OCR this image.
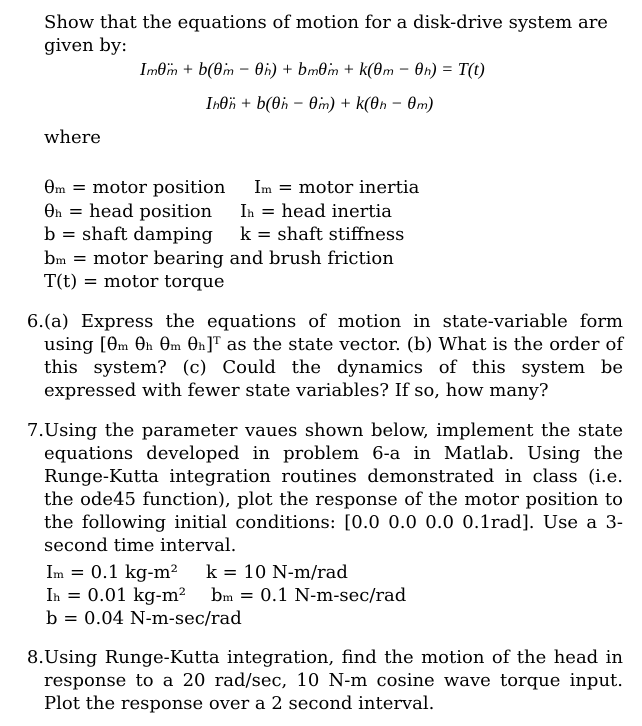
Show that the equations of motion for a disk-drive system are given by:
Iₘθ̈ₘ + b(θ̇ₘ − θ̇ₕ) + bₘθ̇ₘ + k(θₘ − θₕ) = T(t)
Iₕθ̈ₕ + b(θ̇ₕ − θ̇ₘ) + k(θₕ − θₘ)
where
θₘ = motor position Iₘ = motor inertia
θₕ = head position Iₕ = head inertia
b = shaft damping k = shaft stiffness
bₘ = motor bearing and brush friction
T(t) = motor torque
6. (a) Express the equations of motion in state-variable form using [θ̇ₘ θ̇ₕ θₘ θₕ]ᵀ as the state vector. (b) What is the order of this system? (c) Could the dynamics of this system be expressed with fewer state variables? If so, how many?
7. Using the parameter vaues shown below, implement the state equations developed in problem 6-a in Matlab. Using the Runge-Kutta integration routines demonstrated in class (i.e. the ode45 function), plot the response of the motor position to the following initial conditions: [0.0 0.0 0.0 0.1rad]. Use a 3-second time interval.
Iₘ = 0.1 kg-m² k = 10 N-m/rad
Iₕ = 0.01 kg-m² bₘ = 0.1 N-m-sec/rad
b = 0.04 N-m-sec/rad
8. Using Runge-Kutta integration, find the motion of the head in response to a 20 rad/sec, 10 N-m cosine wave torque input. Plot the response over a 2 second interval.
